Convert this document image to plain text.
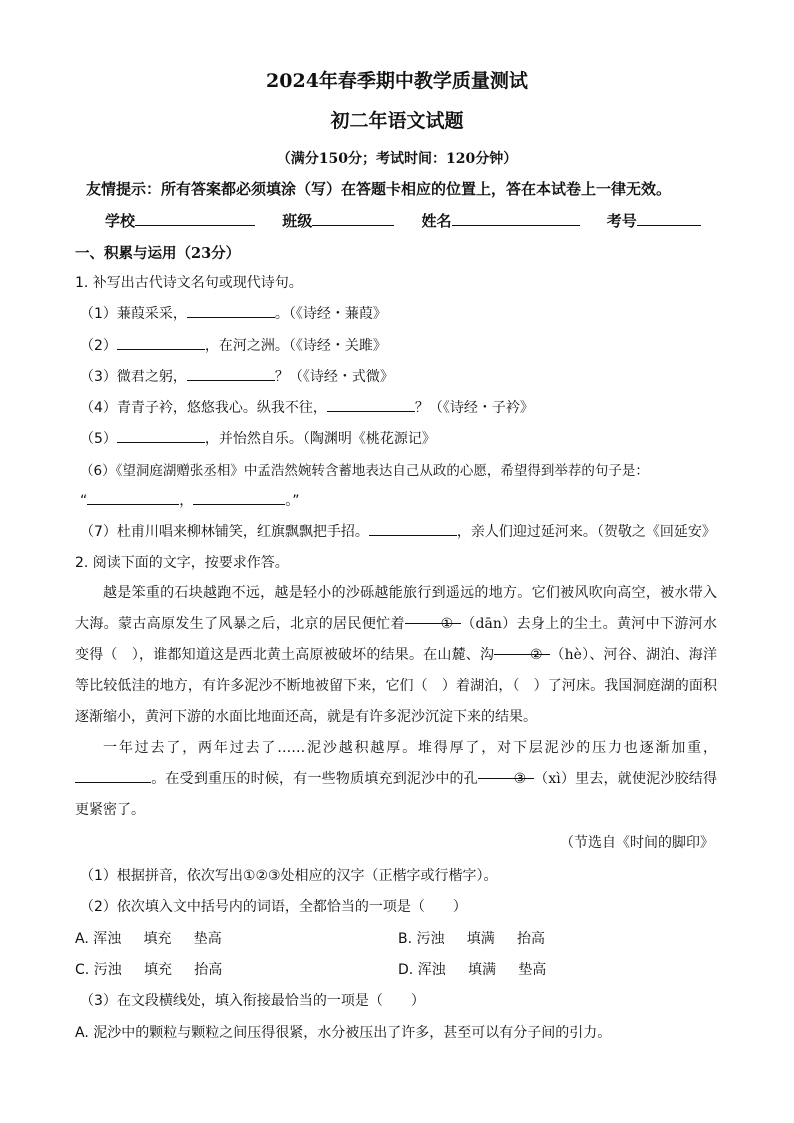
2024年春季期中教学质量测试
初二年语文试题
（满分150分；考试时间：120分钟）
友情提示：所有答案都必须填涂（写）在答题卡相应的位置上，答在本试卷上一律无效。
学校	班级	姓名	考号
一、积累与运用（23分）
1. 补写出古代诗文名句或现代诗句。
（1）蒹葭采采，	。（《诗经・蒹葭》
（2）	，在河之洲。（《诗经・关雎》
（3）微君之躬，	？（《诗经・式微》
（4）青青子衿，悠悠我心。纵我不往，	？（《诗经・子衿》
（5）	，并怡然自乐。（陶渊明《桃花源记》
（6）《望洞庭湖赠张丞相》中孟浩然婉转含蓄地表达自己从政的心愿，希望得到举荐的句子是：
“	，	。”
（7）杜甫川唱来柳林铺笑，红旗飘飘把手招。	，亲人们迎过延河来。（贺敬之《回延安》
2. 阅读下面的文字，按要求作答。

越是笨重的石块越跑不远，越是轻小的沙砾越能旅行到遥远的地方。它们被风吹向高空，被水带入大海。蒙古高原发生了风暴之后，北京的居民便忙着	① （dān）去身上的尘土。黄河中下游河水变得（　），谁都知道这是西北黄土高原被破坏的结果。在山麓、沟	② （hè）、河谷、湖泊、海洋等比较低洼的地方，有许多泥沙不断地被留下来，它们（　）着湖泊，（　）了河床。我国洞庭湖的面积逐渐缩小，黄河下游的水面比地面还高，就是有许多泥沙沉淀下来的结果。

一年过去了，两年过去了……泥沙越积越厚。堆得厚了，对下层泥沙的压力也逐渐加重，。在受到重压的时候，有一些物质填充到泥沙中的孔	③ （xì）里去，就使泥沙胶结得更紧密了。

（节选自《时间的脚印》
（1）根据拼音，依次写出①②③处相应的汉字（正楷字或行楷字）。
（2）依次填入文中括号内的词语，全都恰当的一项是（　　）
A. 浑浊 填充 垫高	B. 污浊 填满 抬高
C. 污浊 填充 抬高	D. 浑浊 填满 垫高
（3）在文段横线处，填入衔接最恰当的一项是（　　）
A. 泥沙中的颗粒与颗粒之间压得很紧，水分被压出了许多，甚至可以有分子间的引力。
